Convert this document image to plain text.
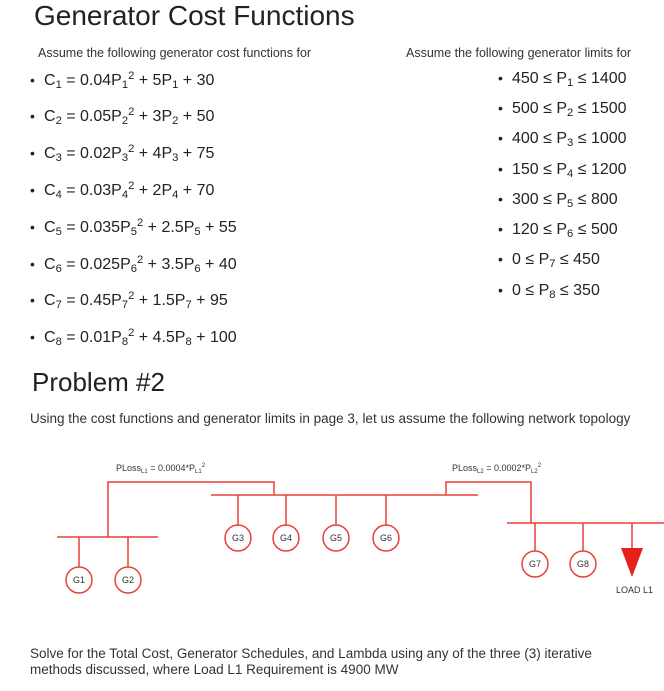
Generator Cost Functions
Assume the following generator cost functions for	Assume the following generator limits for
• $C_1 = 0.04P_1^2 + 5P_1 + 30$
• $C_2 = 0.05P_2^2 + 3P_2 + 50$
• $C_3 = 0.02P_3^2 + 4P_3 + 75$
• $C_4 = 0.03P_4^2 + 2P_4 + 70$
• $C_5 = 0.035P_5^2 + 2.5P_5 + 55$
• $C_6 = 0.025P_6^2 + 3.5P_6 + 40$
• $C_7 = 0.45P_7^2 + 1.5P_7 + 95$
• $C_8 = 0.01P_8^2 + 4.5P_8 + 100$
• $450 \le P_1 \le 1400$
• $500 \le P_2 \le 1500$
• $400 \le P_3 \le 1000$
• $150 \le P_4 \le 1200$
• $300 \le P_5 \le 800$
• $120 \le P_6 \le 500$
• $0 \le P_7 \le 450$
• $0 \le P_8 \le 350$
Problem #2
Using the cost functions and generator limits in page 3, let us assume the following network topology
G1	G2
G3	G4	G5	G6
G7	G8
LOAD L1
PLoss$_{L1}$ = $0.0004*P_{L1}^2$	PLoss$_{L2}$ = $0.0002*P_{L2}^2$
Solve for the Total Cost, Generator Schedules, and Lambda using any of the three (3) iterative methods discussed, where Load L1 Requirement is 4900 MW
